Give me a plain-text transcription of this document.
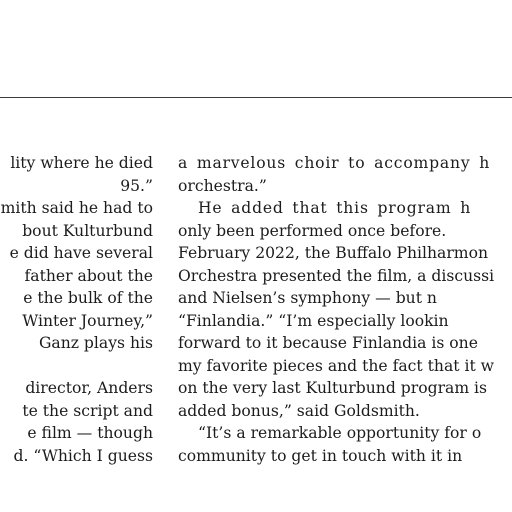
lity where he died
95.”
mith said he had to
bout Kulturbund
e did have several
father about the
e the bulk of the
Winter Journey,”
Ganz plays his
director, Anders
te the script and
e film — though
d. “Which I guess
a marvelous choir to accompany h
orchestra.”
He added that this program h
only been performed once before.
February 2022, the Buffalo Philharmon
Orchestra presented the film, a discussi
and Nielsen’s symphony — but n
“Finlandia.” “I’m especially lookin
forward to it because Finlandia is one
my favorite pieces and the fact that it w
on the very last Kulturbund program is
added bonus,” said Goldsmith.
“It’s a remarkable opportunity for o
community to get in touch with it in
